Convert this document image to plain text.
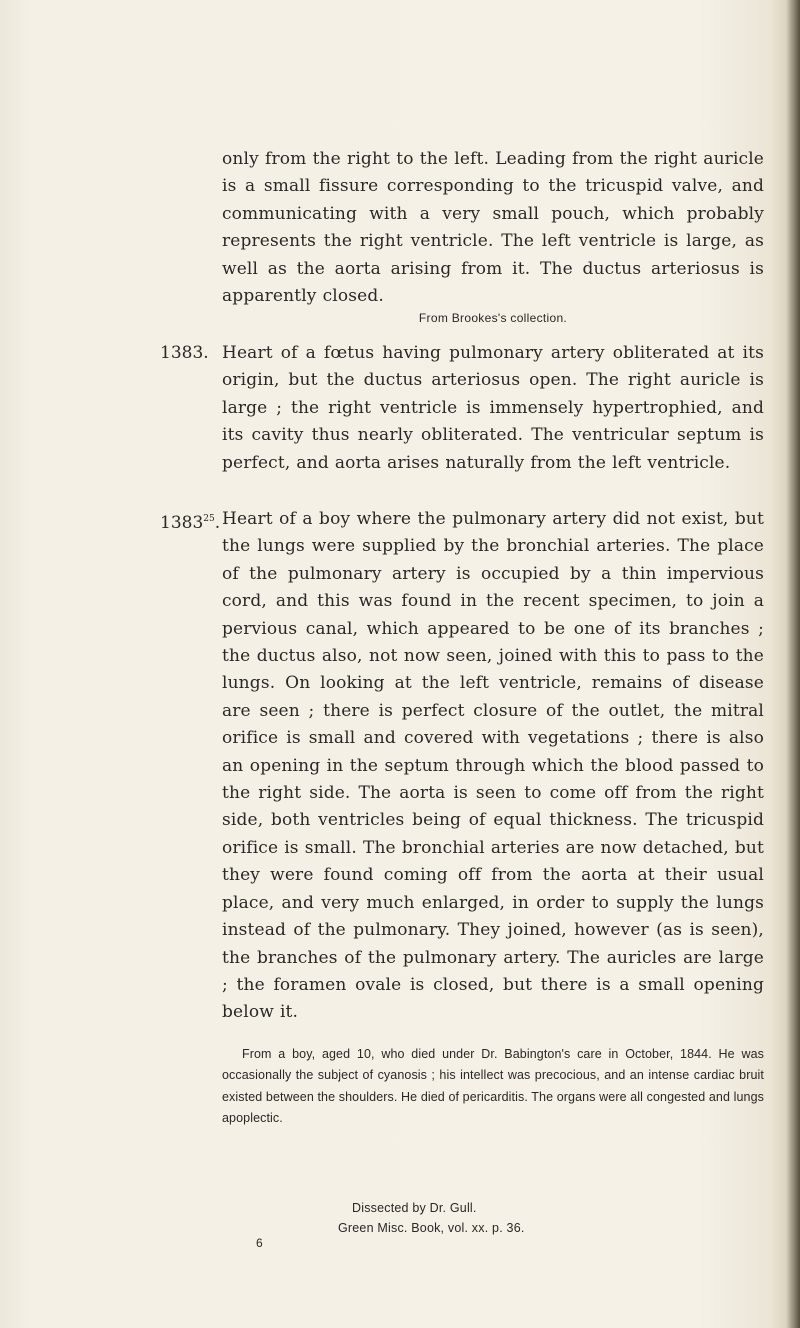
only from the right to the left. Leading from the right auricle is a small fissure corresponding to the tricuspid valve, and communicating with a very small pouch, which probably represents the right ventricle. The left ventricle is large, as well as the aorta arising from it. The ductus arteriosus is apparently closed.
From Brookes's collection.
1383. Heart of a fœtus having pulmonary artery obliterated at its origin, but the ductus arteriosus open. The right auricle is large ; the right ventricle is immensely hypertrophied, and its cavity thus nearly obliterated. The ventricular septum is perfect, and aorta arises naturally from the left ventricle.
1383$^{25}$. Heart of a boy where the pulmonary artery did not exist, but the lungs were supplied by the bronchial arteries. The place of the pulmonary artery is occupied by a thin impervious cord, and this was found in the recent specimen, to join a pervious canal, which appeared to be one of its branches ; the ductus also, not now seen, joined with this to pass to the lungs. On looking at the left ventricle, remains of disease are seen ; there is perfect closure of the outlet, the mitral orifice is small and covered with vegetations ; there is also an opening in the septum through which the blood passed to the right side. The aorta is seen to come off from the right side, both ventricles being of equal thickness. The tricuspid orifice is small. The bronchial arteries are now detached, but they were found coming off from the aorta at their usual place, and very much enlarged, in order to supply the lungs instead of the pulmonary. They joined, however (as is seen), the branches of the pulmonary artery. The auricles are large ; the foramen ovale is closed, but there is a small opening below it.
From a boy, aged 10, who died under Dr. Babington's care in October, 1844. He was occasionally the subject of cyanosis ; his intellect was precocious, and an intense cardiac bruit existed between the shoulders. He died of pericarditis. The organs were all congested and lungs apoplectic.
Dissected by Dr. Gull.
Green Misc. Book, vol. xx. p. 36.
6
